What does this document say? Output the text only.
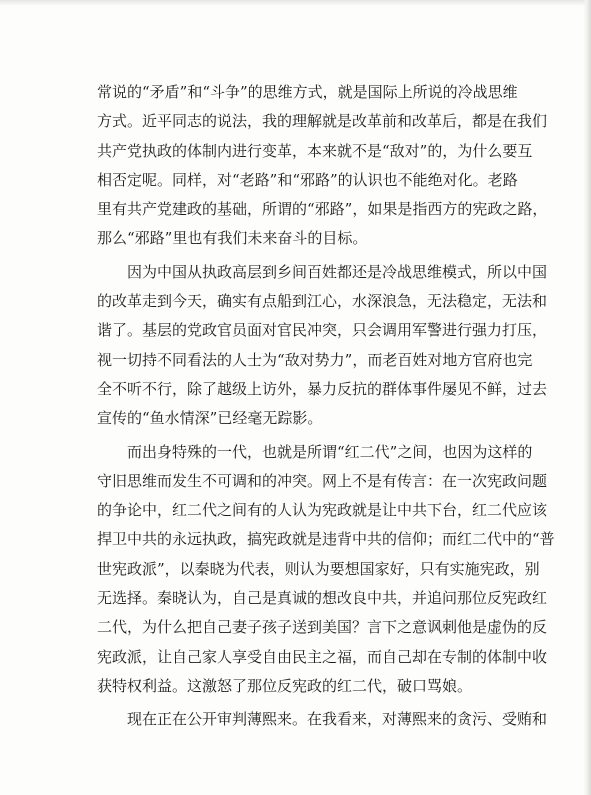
常说的“矛盾”和“斗争”的思维方式，就是国际上所说的冷战思维
方式。近平同志的说法，我的理解就是改革前和改革后，都是在我们
共产党执政的体制内进行变革，本来就不是“敌对”的，为什么要互
相否定呢。同样，对“老路”和“邪路”的认识也不能绝对化。老路
里有共产党建政的基础，所谓的“邪路”，如果是指西方的宪政之路，
那么“邪路”里也有我们未来奋斗的目标。
因为中国从执政高层到乡间百姓都还是冷战思维模式，所以中国
的改革走到今天，确实有点船到江心，水深浪急，无法稳定，无法和
谐了。基层的党政官员面对官民冲突，只会调用军警进行强力打压，
视一切持不同看法的人士为“敌对势力”，而老百姓对地方官府也完
全不听不行，除了越级上访外，暴力反抗的群体事件屡见不鲜，过去
宣传的“鱼水情深”已经毫无踪影。
而出身特殊的一代，也就是所谓“红二代”之间，也因为这样的
守旧思维而发生不可调和的冲突。网上不是有传言：在一次宪政问题
的争论中，红二代之间有的人认为宪政就是让中共下台，红二代应该
捍卫中共的永远执政，搞宪政就是违背中共的信仰；而红二代中的“普
世宪政派”，以秦晓为代表，则认为要想国家好，只有实施宪政，别
无选择。秦晓认为，自己是真诚的想改良中共，并追问那位反宪政红
二代，为什么把自己妻子孩子送到美国？言下之意讽刺他是虚伪的反
宪政派，让自己家人享受自由民主之福，而自己却在专制的体制中收
获特权利益。这激怒了那位反宪政的红二代，破口骂娘。
现在正在公开审判薄熙来。在我看来，对薄熙来的贪污、受贿和
